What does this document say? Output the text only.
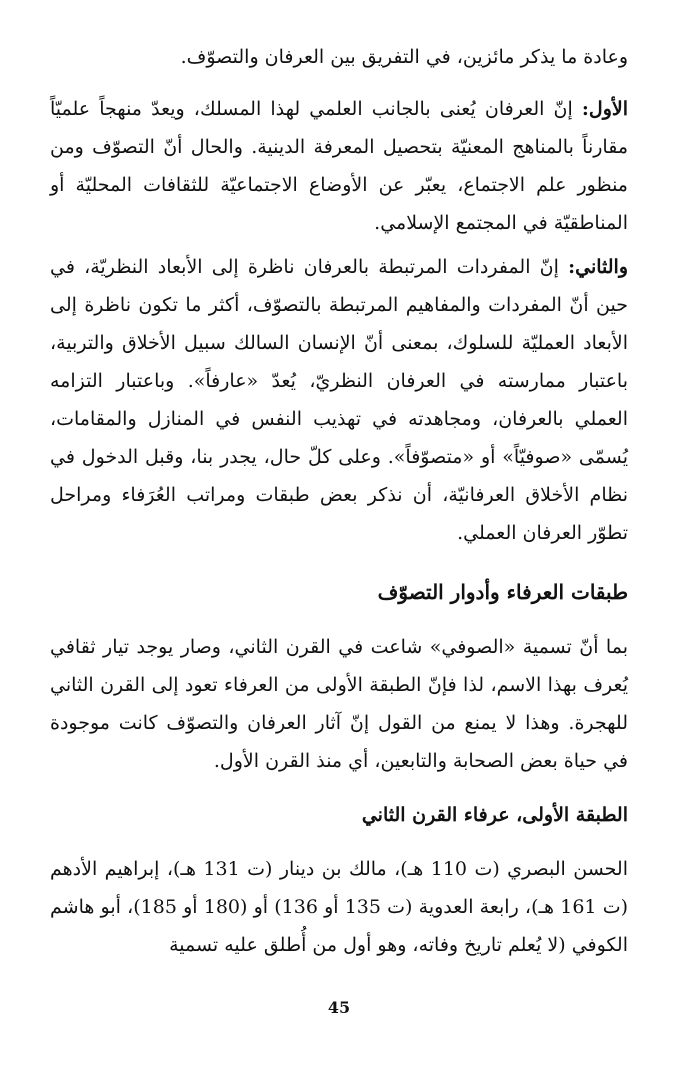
وعادة ما يذكر مائزين، في التفريق بين العرفان والتصوّف.

الأول: إنّ العرفان يُعنى بالجانب العلمي لهذا المسلك، ويعدّ منهجاً علميّاً مقارناً بالمناهج المعنيّة بتحصيل المعرفة الدينية. والحال أنّ التصوّف ومن منظور علم الاجتماع، يعبّر عن الأوضاع الاجتماعيّة للثقافات المحليّة أو المناطقيّة في المجتمع الإسلامي.

والثاني: إنّ المفردات المرتبطة بالعرفان ناظرة إلى الأبعاد النظريّة، في حين أنّ المفردات والمفاهيم المرتبطة بالتصوّف، أكثر ما تكون ناظرة إلى الأبعاد العمليّة للسلوك، بمعنى أنّ الإنسان السالك سبيل الأخلاق والتربية، باعتبار ممارسته في العرفان النظريّ، يُعدّ «عارفاً». وباعتبار التزامه العملي بالعرفان، ومجاهدته في تهذيب النفس في المنازل والمقامات، يُسمّى «صوفيّاً» أو «متصوّفاً». وعلى كلّ حال، يجدر بنا، وقبل الدخول في نظام الأخلاق العرفانيّة، أن نذكر بعض طبقات ومراتب العُرَفاء ومراحل تطوّر العرفان العملي.

طبقات العرفاء وأدوار التصوّف

بما أنّ تسمية «الصوفي» شاعت في القرن الثاني، وصار يوجد تيار ثقافي يُعرف بهذا الاسم، لذا فإنّ الطبقة الأولى من العرفاء تعود إلى القرن الثاني للهجرة. وهذا لا يمنع من القول إنّ آثار العرفان والتصوّف كانت موجودة في حياة بعض الصحابة والتابعين، أي منذ القرن الأول.

الطبقة الأولى، عرفاء القرن الثاني

الحسن البصري (ت 110 هـ)، مالك بن دينار (ت 131 هـ)، إبراهيم الأدهم (ت 161 هـ)، رابعة العدوية (ت 135 أو 136) أو (180 أو 185)، أبو هاشم الكوفي (لا يُعلم تاريخ وفاته، وهو أول من أُطلق عليه تسمية

45
